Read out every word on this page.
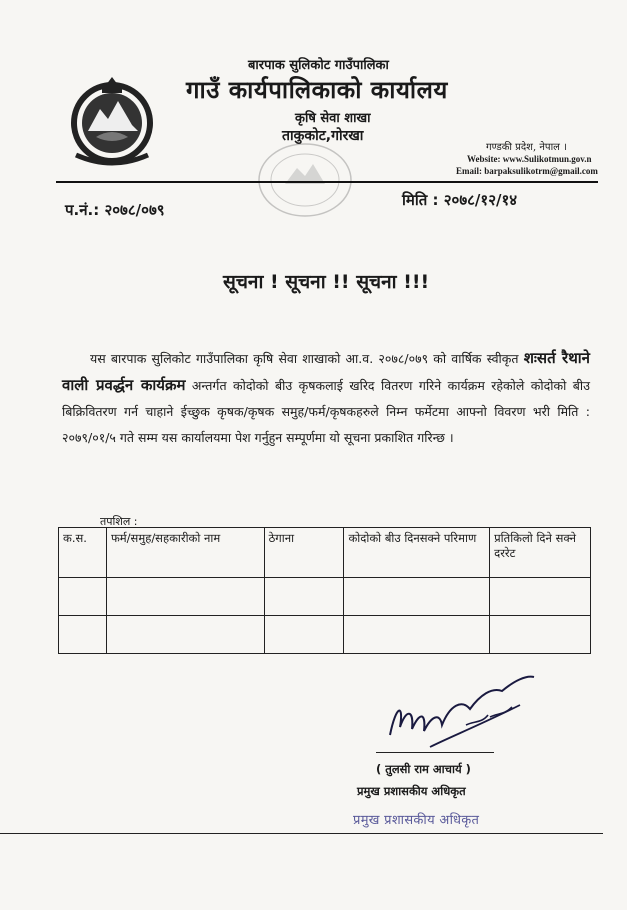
बारपाक सुलिकोट गाउँपालिका
गाउँ कार्यपालिकाको कार्यालय
कृषि सेवा शाखा
ताकुकोट,गोरखा
गण्डकी प्रदेश, नेपाल ।
Website: www.Sulikotmun.gov.n
Email: barpaksulikotrm@gmail.com
प.नं.: २०७८/०७९
मिति : २०७८/१२/१४
सूचना ! सूचना !! सूचना !!!
यस बारपाक सुलिकोट गाउँपालिका कृषि सेवा शाखाको आ.व. २०७८/०७९ को वार्षिक स्वीकृत शःसर्त रैथाने वाली प्रवर्द्धन कार्यक्रम अन्तर्गत कोदोको बीउ कृषकलाई खरिद वितरण गरिने कार्यक्रम रहेकोले कोदोको बीउ बिक्रिवितरण गर्न चाहाने ईच्छुक कृषक/कृषक समुह/फर्म/कृषकहरुले निम्न फर्मेटमा आफ्नो विवरण भरी मिति : २०७९/०१/५ गते सम्म यस कार्यालयमा पेश गर्नुहुन सम्पूर्णमा यो सूचना प्रकाशित गरिन्छ ।
तपशिल :
क.स.	फर्म/समुह/सहकारीको नाम	ठेगाना	कोदोको बीउ दिनसक्ने परिमाण	प्रतिकिलो दिने सक्ने दररेट

( तुलसी राम आचार्य )
प्रमुख प्रशासकीय अधिकृत
प्रमुख प्रशासकीय अधिकृत
